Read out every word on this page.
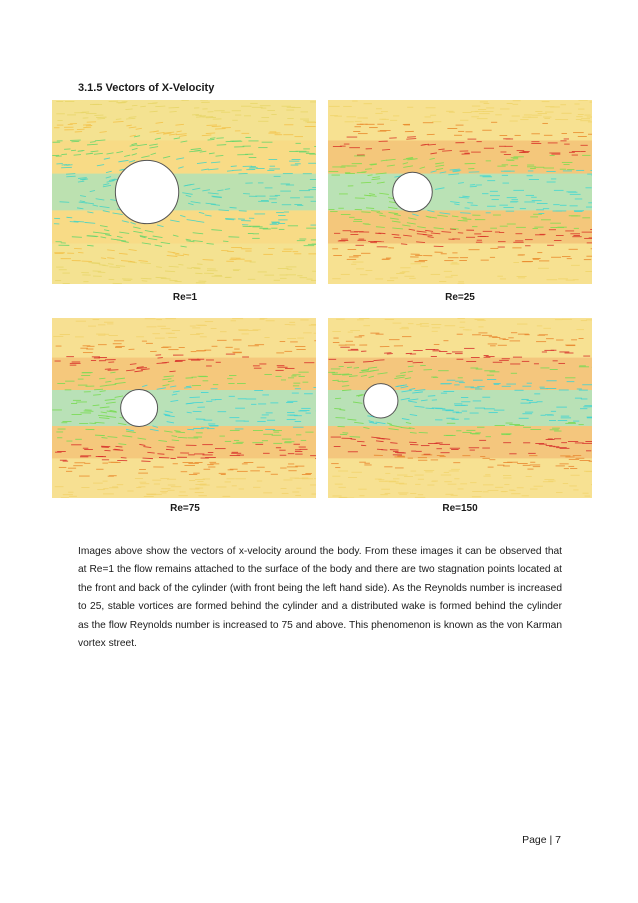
3.1.5 Vectors of X-Velocity
Re=1	Re=25
Re=75	Re=150

Images above show the vectors of x-velocity around the body. From these images it can be observed that at Re=1 the flow remains attached to the surface of the body and there are two stagnation points located at the front and back of the cylinder (with front being the left hand side). As the Reynolds number is increased to 25, stable vortices are formed behind the cylinder and a distributed wake is formed behind the cylinder as the flow Reynolds number is increased to 75 and above. This phenomenon is known as the von Karman vortex street.

Page | 7
